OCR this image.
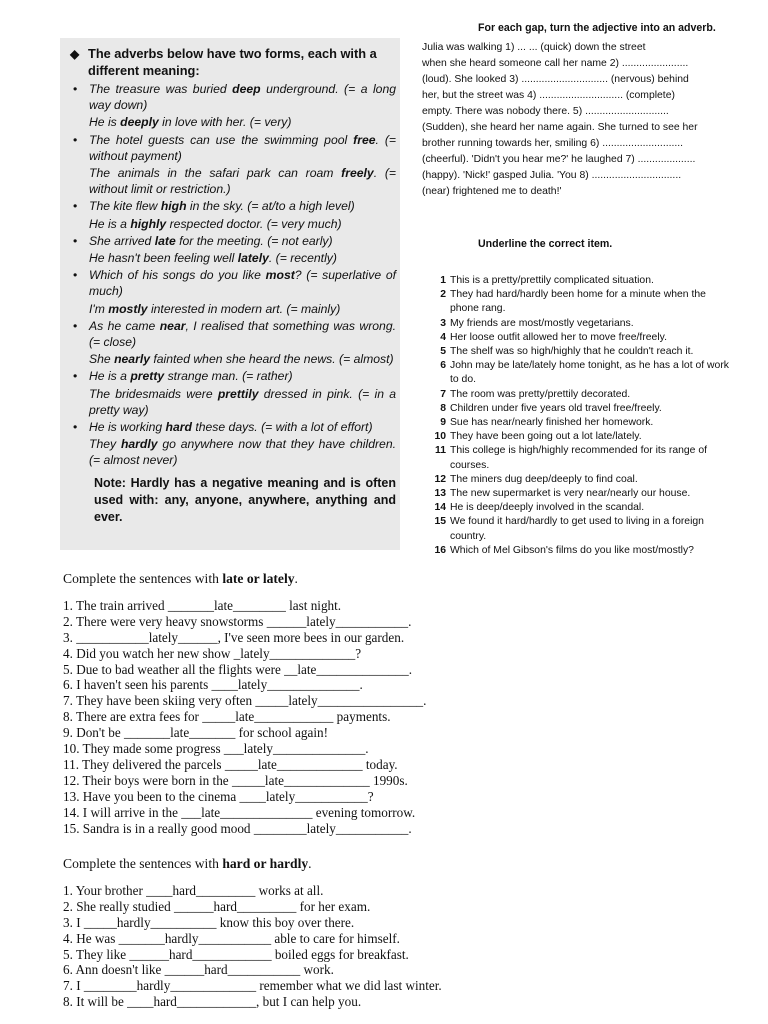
◆ The adverbs below have two forms, each with a different meaning:
• The treasure was buried deep underground. (= a long way down)
He is deeply in love with her. (= very)
• The hotel guests can use the swimming pool free. (= without payment)
The animals in the safari park can roam freely. (= without limit or restriction.)
• The kite flew high in the sky. (= at/to a high level)
He is a highly respected doctor. (= very much)
• She arrived late for the meeting. (= not early)
He hasn't been feeling well lately. (= recently)
• Which of his songs do you like most? (= superlative of much)
I'm mostly interested in modern art. (= mainly)
• As he came near, I realised that something was wrong. (= close)
She nearly fainted when she heard the news. (= almost)
• He is a pretty strange man. (= rather)
The bridesmaids were prettily dressed in pink. (= in a pretty way)
• He is working hard these days. (= with a lot of effort)
They hardly go anywhere now that they have children. (= almost never)
Note: Hardly has a negative meaning and is often used with: any, anyone, anywhere, anything and ever.
For each gap, turn the adjective into an adverb.
Julia was walking 1) ... ... (quick) down the street
when she heard someone call her name 2) .......................
(loud). She looked 3) .............................. (nervous) behind
her, but the street was 4) ............................. (complete)
empty. There was nobody there. 5) .............................
(Sudden), she heard her name again. She turned to see her
brother running towards her, smiling 6) ............................
(cheerful). 'Didn't you hear me?' he laughed 7) ....................
(happy). 'Nick!' gasped Julia. 'You 8) ...............................
(near) frightened me to death!'
Underline the correct item.
1 This is a pretty/prettily complicated situation.
2 They had hard/hardly been home for a minute when the phone rang.
3 My friends are most/mostly vegetarians.
4 Her loose outfit allowed her to move free/freely.
5 The shelf was so high/highly that he couldn't reach it.
6 John may be late/lately home tonight, as he has a lot of work to do.
7 The room was pretty/prettily decorated.
8 Children under five years old travel free/freely.
9 Sue has near/nearly finished her homework.
10 They have been going out a lot late/lately.
11 This college is high/highly recommended for its range of courses.
12 The miners dug deep/deeply to find coal.
13 The new supermarket is very near/nearly our house.
14 He is deep/deeply involved in the scandal.
15 We found it hard/hardly to get used to living in a foreign country.
16 Which of Mel Gibson's films do you like most/mostly?
Complete the sentences with late or lately.
1. The train arrived _______late________ last night.
2. There were very heavy snowstorms ______lately___________.
3. ___________lately______, I've seen more bees in our garden.
4. Did you watch her new show _lately_____________?
5. Due to bad weather all the flights were __late______________.
6. I haven't seen his parents ____lately______________.
7. They have been skiing very often _____lately________________.
8. There are extra fees for _____late____________ payments.
9. Don't be _______late_______ for school again!
10. They made some progress ___lately______________.
11. They delivered the parcels _____late_____________ today.
12. Their boys were born in the _____late_____________ 1990s.
13. Have you been to the cinema ____lately___________?
14. I will arrive in the ___late______________ evening tomorrow.
15. Sandra is in a really good mood ________lately___________.
Complete the sentences with hard or hardly.
1. Your brother ____hard_________ works at all.
2. She really studied ______hard_________ for her exam.
3. I _____hardly__________ know this boy over there.
4. He was _______hardly___________ able to care for himself.
5. They like ______hard____________ boiled eggs for breakfast.
6. Ann doesn't like ______hard___________ work.
7. I ________hardly_____________ remember what we did last winter.
8. It will be ____hard____________, but I can help you.
